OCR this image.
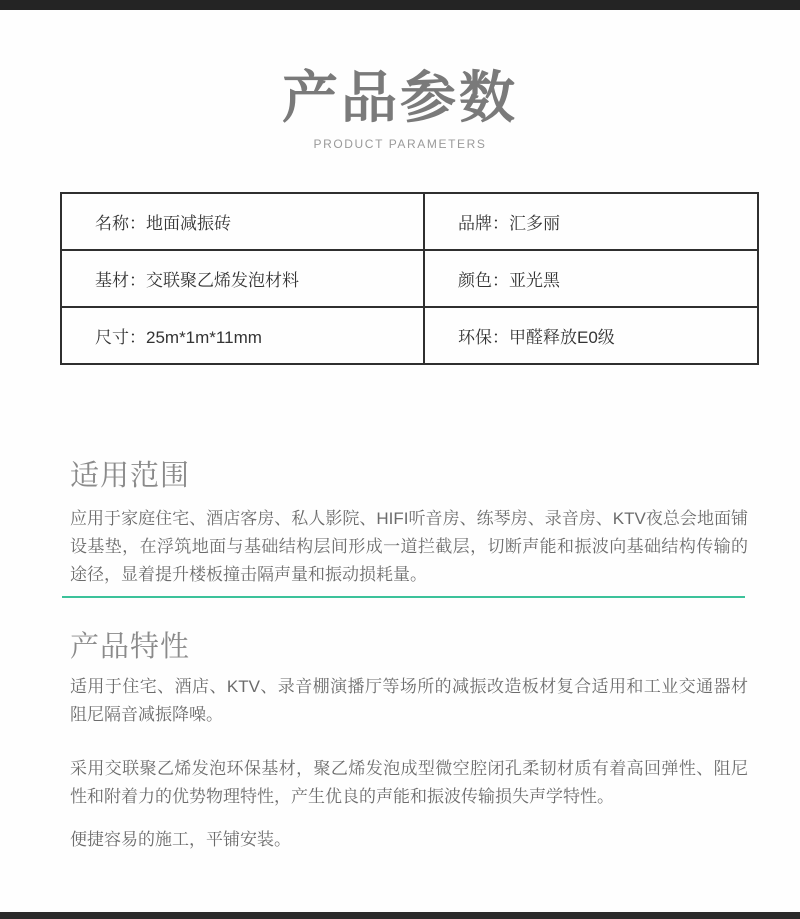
产品参数
PRODUCT PARAMETERS
名称：地面减振砖	品牌：汇多丽
基材：交联聚乙烯发泡材料	颜色：亚光黑
尺寸：25m*1m*11mm	环保：甲醛释放E0级
适用范围
应用于家庭住宅、酒店客房、私人影院、HIFI听音房、练琴房、录音房、KTV夜总会地面铺设基垫，在浮筑地面与基础结构层间形成一道拦截层，切断声能和振波向基础结构传输的途径，显着提升楼板撞击隔声量和振动损耗量。
产品特性
适用于住宅、酒店、KTV、录音棚演播厅等场所的减振改造板材复合适用和工业交通器材阻尼隔音减振降噪。
采用交联聚乙烯发泡环保基材，聚乙烯发泡成型微空腔闭孔柔韧材质有着高回弹性、阻尼性和附着力的优势物理特性，产生优良的声能和振波传输损失声学特性。
便捷容易的施工，平铺安装。
